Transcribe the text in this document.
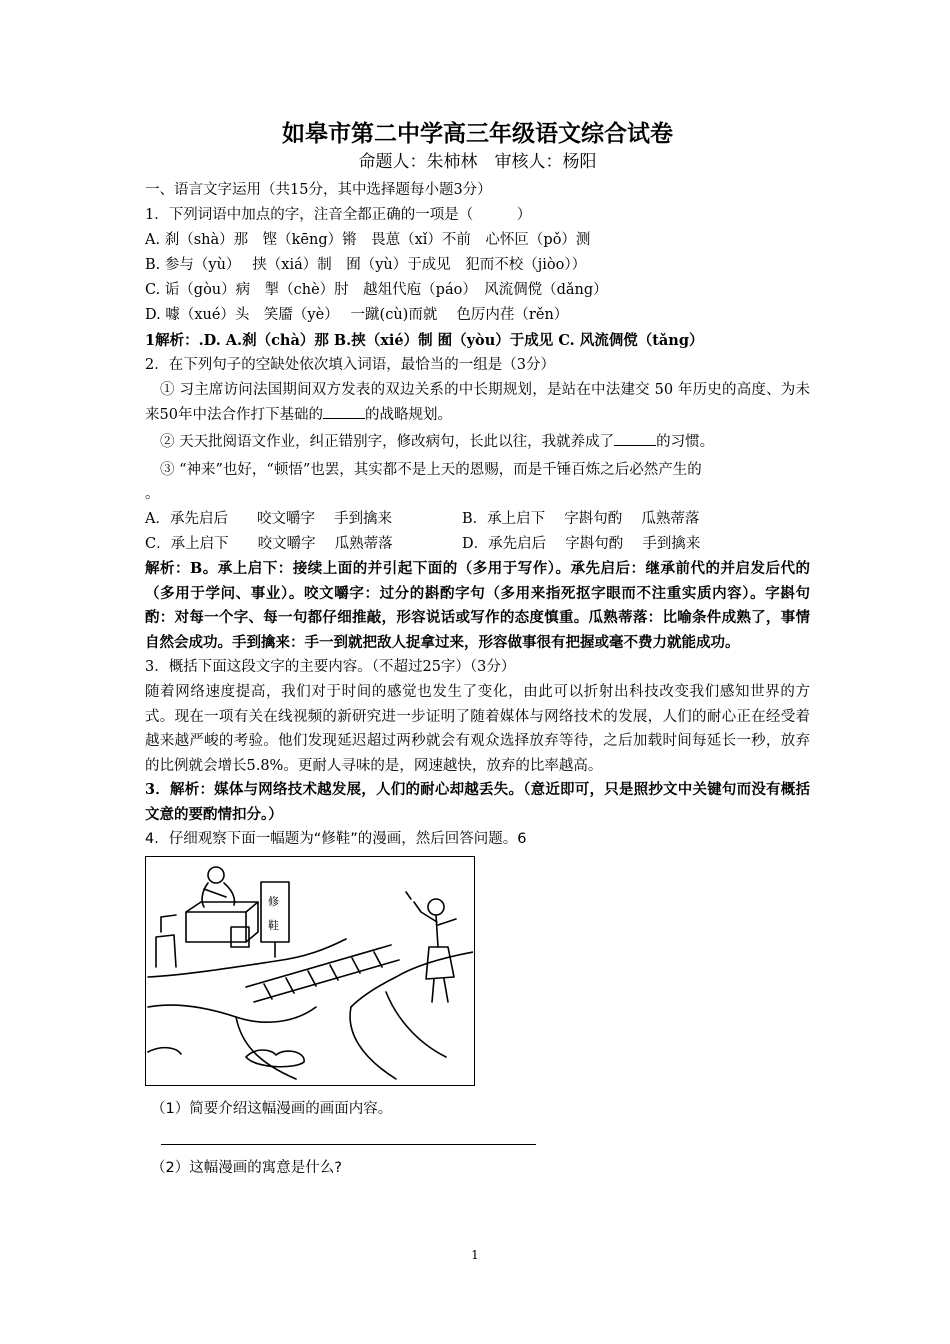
如皋市第二中学高三年级语文综合试卷

命题人：朱柿林　审核人：杨阳

一、语言文字运用（共15分，其中选择题每小题3分）

1．下列词语中加点的字，注音全都正确的一项是（　　　）

A. 刹（shà）那　铿（kēng）锵　畏葸（xǐ）不前　心怀叵（pǒ）测

B. 参与（yù）　 挟（xiá）制　囿（yù）于成见　犯而不校（jiòo））

C. 诟（gòu）病　掣（chè）肘　越俎代庖（páo）　风流倜傥（dǎng）

D. 噱（xué）头　笑靥（yè）　 一蹴(cù)而就　 色厉内荏（rěn）

1解析：.D. A.刹（chà）那 B.挟（xié）制 囿（yòu）于成见 C. 风流倜傥（tǎng）

2．在下列句子的空缺处依次填入词语，最恰当的一组是（3分）

① 习主席访问法国期间双方发表的双边关系的中长期规划，是站在中法建交 50 年历史的高度、为未来50年中法合作打下基础的	的战略规划。

② 天天批阅语文作业，纠正错别字，修改病句，长此以往，我就养成了	的习惯。

③ “神来”也好，“顿悟”也罢，其实都不是上天的恩赐，而是千锤百炼之后必然产生的

。

A．承先启后　　咬文嚼字　 手到擒来	B．承上启下　 字斟句酌　 瓜熟蒂落

C．承上启下　　咬文嚼字　 瓜熟蒂落	D．承先启后　 字斟句酌　 手到擒来

解析：B。承上启下：接续上面的并引起下面的（多用于写作）。承先启后：继承前代的并启发后代的（多用于学问、事业）。咬文嚼字：过分的斟酌字句（多用来指死抠字眼而不注重实质内容）。字斟句酌：对每一个字、每一句都仔细推敲，形容说话或写作的态度慎重。瓜熟蒂落：比喻条件成熟了，事情自然会成功。手到擒来：手一到就把敌人捉拿过来，形容做事很有把握或毫不费力就能成功。

3．概括下面这段文字的主要内容。（不超过25字）（3分）

随着网络速度提高，我们对于时间的感觉也发生了变化，由此可以折射出科技改变我们感知世界的方式。现在一项有关在线视频的新研究进一步证明了随着媒体与网络技术的发展，人们的耐心正在经受着越来越严峻的考验。他们发现延迟超过两秒就会有观众选择放弃等待，之后加载时间每延长一秒，放弃的比例就会增长5.8%。更耐人寻味的是，网速越快，放弃的比率越高。

3．解析：媒体与网络技术越发展，人们的耐心却越丢失。（意近即可，只是照抄文中关键句而没有概括文意的要酌情扣分。）

4．仔细观察下面一幅题为“修鞋”的漫画，然后回答问题。6

修
鞋

（1）简要介绍这幅漫画的画面内容。

（2）这幅漫画的寓意是什么?

1
